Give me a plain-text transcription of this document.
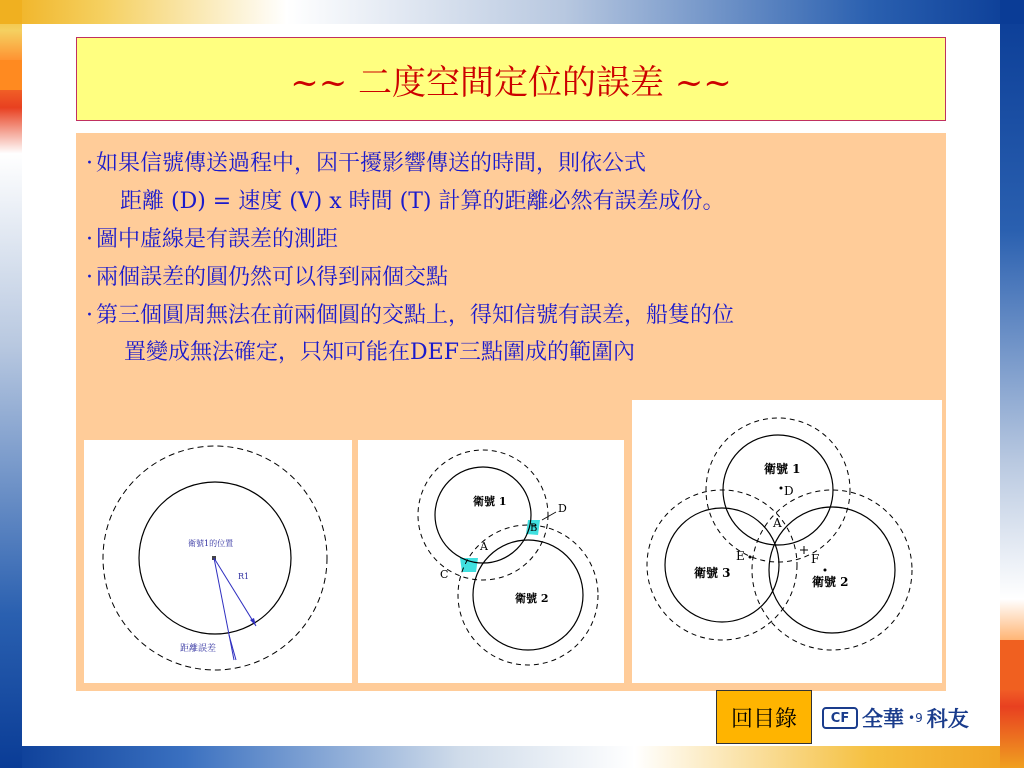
~~ 二度空間定位的誤差 ~~
· 如果信號傳送過程中，因干擾影響傳送的時間，則依公式
距離 (D) = 速度 (V) x 時間 (T) 計算的距離必然有誤差成份。
· 圖中虛線是有誤差的測距
· 兩個誤差的圓仍然可以得到兩個交點
· 第三個圓周無法在前兩個圓的交點上，得知信號有誤差，船隻的位
置變成無法確定，只知可能在DEF三點圍成的範圍內
衛號1的位置
R1
距離誤差
衛號 1
衛號 2
A
B
C
D
衛號 1
衛號 2
衛號 3
D
A
E	F
回目錄	CF 全華 •9 科友
